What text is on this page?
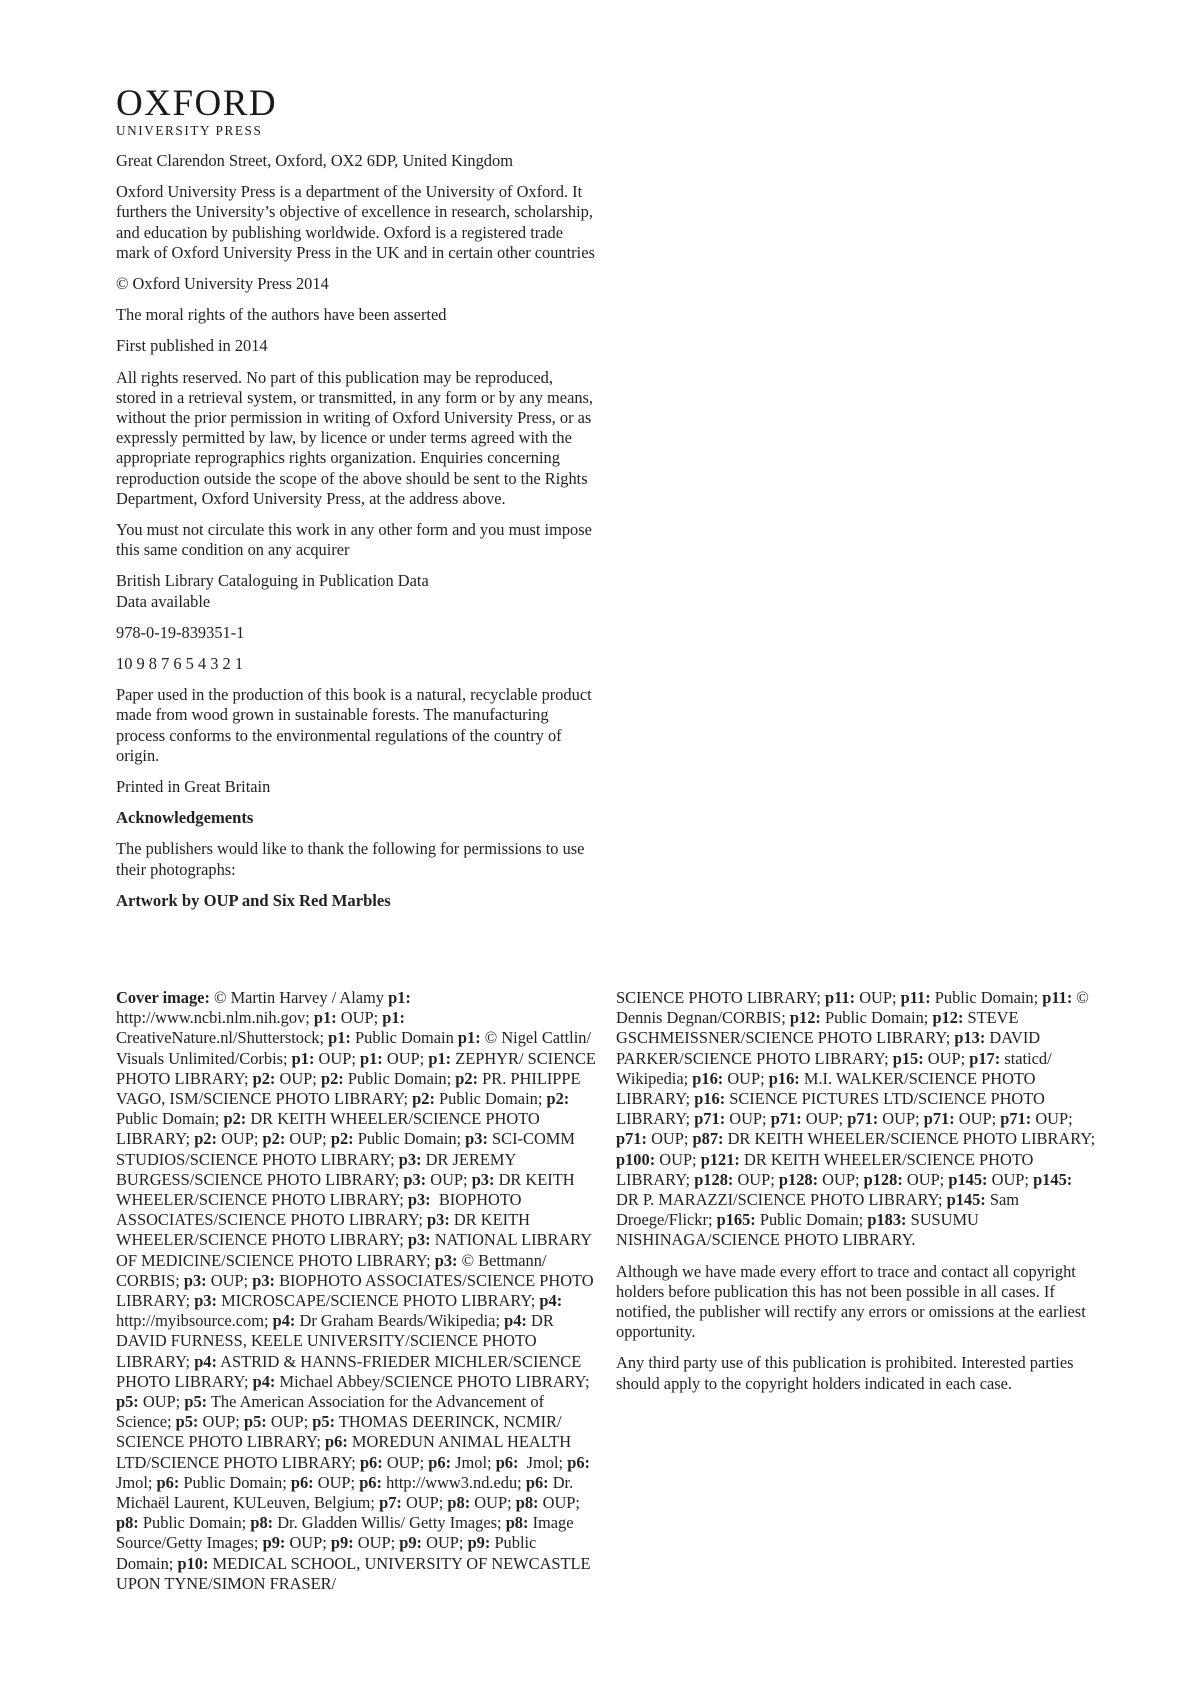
OXFORD
UNIVERSITY PRESS

Great Clarendon Street, Oxford, OX2 6DP, United Kingdom

Oxford University Press is a department of the University of Oxford. It furthers the University’s objective of excellence in research, scholarship, and education by publishing worldwide. Oxford is a registered trade mark of Oxford University Press in the UK and in certain other countries

© Oxford University Press 2014

The moral rights of the authors have been asserted

First published in 2014

All rights reserved. No part of this publication may be reproduced, stored in a retrieval system, or transmitted, in any form or by any means, without the prior permission in writing of Oxford University Press, or as expressly permitted by law, by licence or under terms agreed with the appropriate reprographics rights organization. Enquiries concerning reproduction outside the scope of the above should be sent to the Rights Department, Oxford University Press, at the address above.

You must not circulate this work in any other form and you must impose this same condition on any acquirer

British Library Cataloguing in Publication Data
Data available

978-0-19-839351-1

10 9 8 7 6 5 4 3 2 1

Paper used in the production of this book is a natural, recyclable product made from wood grown in sustainable forests. The manufacturing process conforms to the environmental regulations of the country of origin.

Printed in Great Britain

Acknowledgements

The publishers would like to thank the following for permissions to use their photographs:

Artwork by OUP and Six Red Marbles

Cover image: © Martin Harvey / Alamy p1: http://www.ncbi.nlm.nih.gov; p1: OUP; p1: CreativeNature.nl/Shutterstock; p1: Public Domain p1: © Nigel Cattlin/ Visuals Unlimited/Corbis; p1: OUP; p1: OUP; p1: ZEPHYR/ SCIENCE PHOTO LIBRARY; p2: OUP; p2: Public Domain; p2: PR. PHILIPPE VAGO, ISM/SCIENCE PHOTO LIBRARY; p2: Public Domain; p2: Public Domain; p2: DR KEITH WHEELER/SCIENCE PHOTO LIBRARY; p2: OUP; p2: OUP; p2: Public Domain; p3: SCI-COMM STUDIOS/SCIENCE PHOTO LIBRARY; p3: DR JEREMY BURGESS/SCIENCE PHOTO LIBRARY; p3: OUP; p3: DR KEITH WHEELER/SCIENCE PHOTO LIBRARY; p3:  BIOPHOTO ASSOCIATES/SCIENCE PHOTO LIBRARY; p3: DR KEITH WHEELER/SCIENCE PHOTO LIBRARY; p3: NATIONAL LIBRARY OF MEDICINE/SCIENCE PHOTO LIBRARY; p3: © Bettmann/ CORBIS; p3: OUP; p3: BIOPHOTO ASSOCIATES/SCIENCE PHOTO LIBRARY; p3: MICROSCAPE/SCIENCE PHOTO LIBRARY; p4: http://myibsource.com; p4: Dr Graham Beards/Wikipedia; p4: DR DAVID FURNESS, KEELE UNIVERSITY/SCIENCE PHOTO LIBRARY; p4: ASTRID & HANNS-FRIEDER MICHLER/SCIENCE PHOTO LIBRARY; p4: Michael Abbey/SCIENCE PHOTO LIBRARY; p5: OUP; p5: The American Association for the Advancement of Science; p5: OUP; p5: OUP; p5: THOMAS DEERINCK, NCMIR/ SCIENCE PHOTO LIBRARY; p6: MOREDUN ANIMAL HEALTH LTD/SCIENCE PHOTO LIBRARY; p6: OUP; p6: Jmol; p6:  Jmol; p6: Jmol; p6: Public Domain; p6: OUP; p6: http://www3.nd.edu; p6: Dr. Michaël Laurent, KULeuven, Belgium; p7: OUP; p8: OUP; p8: OUP; p8: Public Domain; p8: Dr. Gladden Willis/ Getty Images; p8: Image Source/Getty Images; p9: OUP; p9: OUP; p9: OUP; p9: Public Domain; p10: MEDICAL SCHOOL, UNIVERSITY OF NEWCASTLE UPON TYNE/SIMON FRASER/

SCIENCE PHOTO LIBRARY; p11: OUP; p11: Public Domain; p11: © Dennis Degnan/CORBIS; p12: Public Domain; p12: STEVE GSCHMEISSNER/SCIENCE PHOTO LIBRARY; p13: DAVID PARKER/SCIENCE PHOTO LIBRARY; p15: OUP; p17: staticd/ Wikipedia; p16: OUP; p16: M.I. WALKER/SCIENCE PHOTO LIBRARY; p16: SCIENCE PICTURES LTD/SCIENCE PHOTO LIBRARY; p71: OUP; p71: OUP; p71: OUP; p71: OUP; p71: OUP; p71: OUP; p87: DR KEITH WHEELER/SCIENCE PHOTO LIBRARY; p100: OUP; p121: DR KEITH WHEELER/SCIENCE PHOTO LIBRARY; p128: OUP; p128: OUP; p128: OUP; p145: OUP; p145: DR P. MARAZZI/SCIENCE PHOTO LIBRARY; p145: Sam Droege/Flickr; p165: Public Domain; p183: SUSUMU NISHINAGA/SCIENCE PHOTO LIBRARY.

Although we have made every effort to trace and contact all copyright holders before publication this has not been possible in all cases. If notified, the publisher will rectify any errors or omissions at the earliest opportunity.

Any third party use of this publication is prohibited. Interested parties should apply to the copyright holders indicated in each case.
